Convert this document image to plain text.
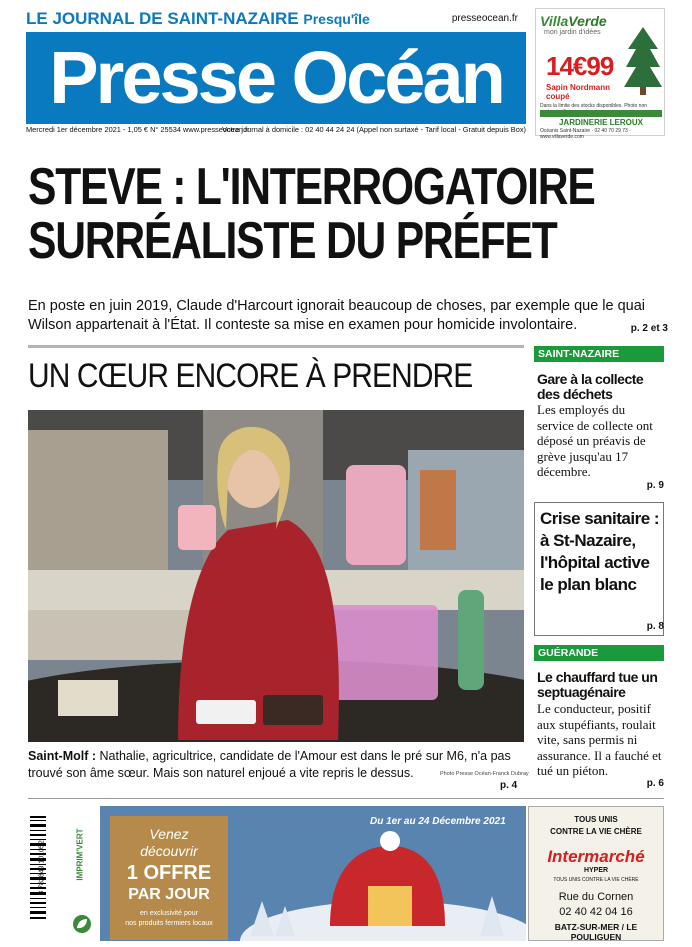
LE JOURNAL DE SAINT-NAZAIRE Presqu'île	presseocean.fr
Presse Océan
Mercredi 1er décembre 2021 - 1,05 € N° 25534 www.presseocean.fr
Votre journal à domicile : 02 40 44 24 24 (Appel non surtaxé - Tarif local - Gratuit depuis Box)
VillaVerde
mon jardin d'idées
14€99
Sapin Nordmann
coupé
Dans la limite des stocks disponibles. Photo non
JARDINERIE LEROUX
Océanis Saint-Nazaire · 02 40 70 29 73 · www.villaverde.com
STEVE : L'INTERROGATOIRE
SURRÉALISTE DU PRÉFET
En poste en juin 2019, Claude d'Harcourt ignorait beaucoup de choses, par exemple que le quai Wilson appartenait à l'État. Il conteste sa mise en examen pour homicide involontaire.	p. 2 et 3
UN CŒUR ENCORE À PRENDRE
Saint-Molf : Nathalie, agricultrice, candidate de l'Amour est dans le pré sur M6, n'a pas trouvé son âme sœur. Mais son naturel enjoué a vite repris le dessus.	Photo Presse Océan-Franck Dubray
p. 4
SAINT-NAZAIRE
Gare à la collecte des déchets
Les employés du service de collecte ont déposé un préavis de grève jusqu'au 17 décembre.
p. 9
Crise sanitaire : à St-Nazaire, l'hôpital active le plan blanc
p. 8
GUÉRANDE
Le chauffard tue un septuagénaire
Le conducteur, positif aux stupéfiants, roulait vite, sans permis ni assurance. Il a fauché et tué un piéton.
p. 6
3 782849 101052	IMPRIM'VERT
Du 1er au 24 Décembre 2021
Venez
découvrir
1 OFFRE
PAR JOUR
en exclusivité pour
nos produits fermiers locaux
TOUS UNIS
CONTRE LA VIE CHÈRE
Intermarché
HYPER
TOUS UNIS CONTRE LA VIE CHÈRE
Rue du Cornen
02 40 42 04 16
BATZ-SUR-MER / LE POULIGUEN
